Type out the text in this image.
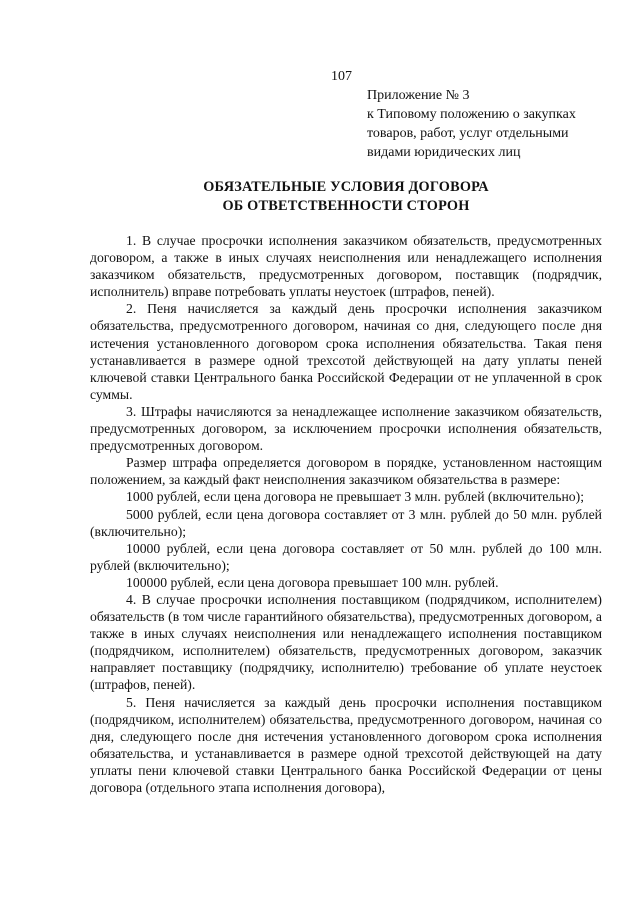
107
Приложение № 3
к Типовому положению о закупках
товаров, работ, услуг отдельными
видами юридических лиц
ОБЯЗАТЕЛЬНЫЕ УСЛОВИЯ ДОГОВОРА
ОБ ОТВЕТСТВЕННОСТИ СТОРОН

1. В случае просрочки исполнения заказчиком обязательств, предусмотренных договором, а также в иных случаях неисполнения или ненадлежащего исполнения заказчиком обязательств, предусмотренных договором, поставщик (подрядчик, исполнитель) вправе потребовать уплаты неустоек (штрафов, пеней).

2. Пеня начисляется за каждый день просрочки исполнения заказчиком обязательства, предусмотренного договором, начиная со дня, следующего после дня истечения установленного договором срока исполнения обязательства. Такая пеня устанавливается в размере одной трехсотой действующей на дату уплаты пеней ключевой ставки Центрального банка Российской Федерации от не уплаченной в срок суммы.

3. Штрафы начисляются за ненадлежащее исполнение заказчиком обязательств, предусмотренных договором, за исключением просрочки исполнения обязательств, предусмотренных договором.

Размер штрафа определяется договором в порядке, установленном настоящим положением, за каждый факт неисполнения заказчиком обязательства в размере:

1000 рублей, если цена договора не превышает 3 млн. рублей (включительно);

5000 рублей, если цена договора составляет от 3 млн. рублей до 50 млн. рублей (включительно);

10000 рублей, если цена договора составляет от 50 млн. рублей до 100 млн. рублей (включительно);

100000 рублей, если цена договора превышает 100 млн. рублей.

4. В случае просрочки исполнения поставщиком (подрядчиком, исполнителем) обязательств (в том числе гарантийного обязательства), предусмотренных договором, а также в иных случаях неисполнения или ненадлежащего исполнения поставщиком (подрядчиком, исполнителем) обязательств, предусмотренных договором, заказчик направляет поставщику (подрядчику, исполнителю) требование об уплате неустоек (штрафов, пеней).

5. Пеня начисляется за каждый день просрочки исполнения поставщиком (подрядчиком, исполнителем) обязательства, предусмотренного договором, начиная со дня, следующего после дня истечения установленного договором срока исполнения обязательства, и устанавливается в размере одной трехсотой действующей на дату уплаты пени ключевой ставки Центрального банка Российской Федерации от цены договора (отдельного этапа исполнения договора),
